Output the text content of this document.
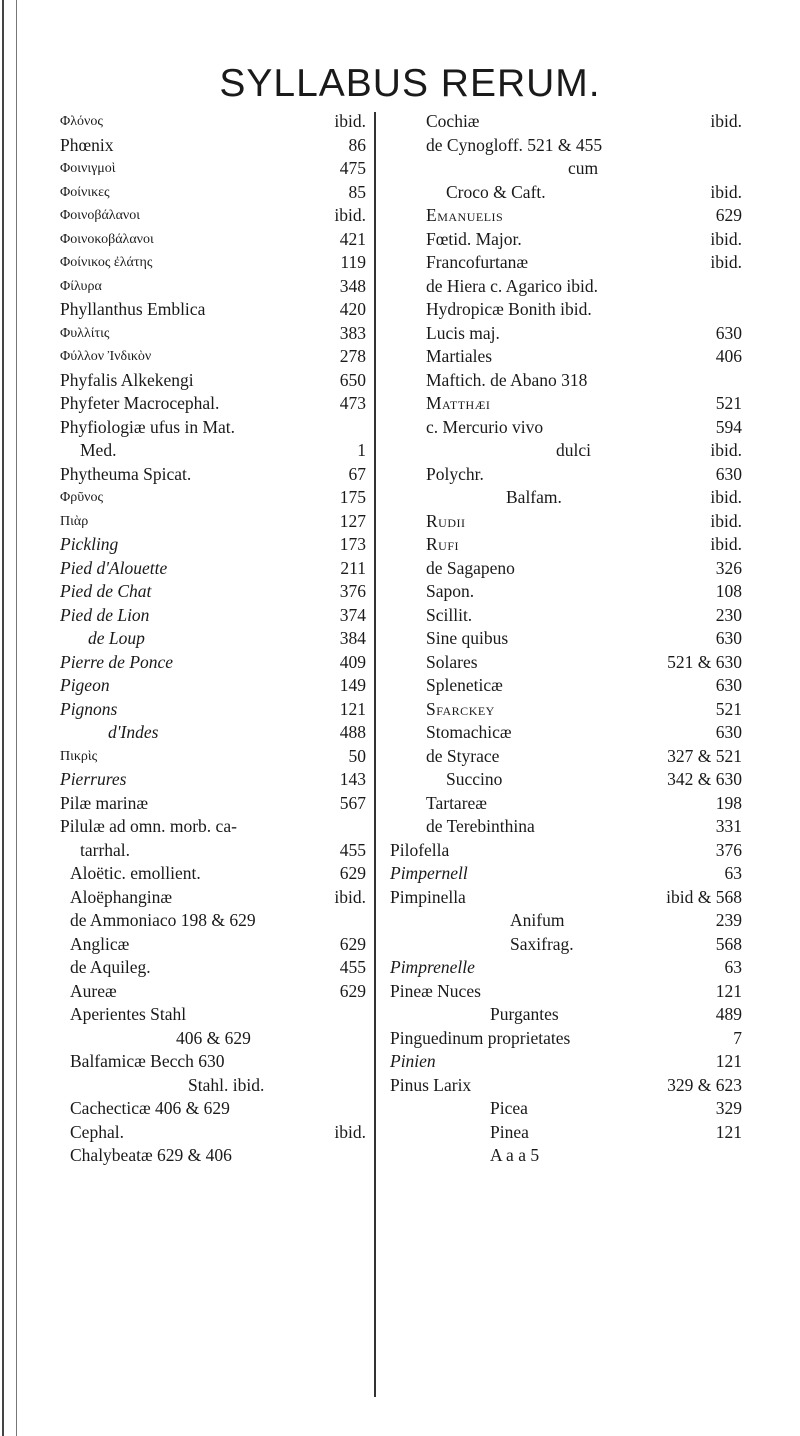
SYLLABUS RERUM.
Φλόνος	ibid.
Phœnix	86
Φοινιγμοὶ	475
Φοίνικες	85
Φοινοβάλανοι	ibid.
Φοινοκοβάλανοι	421
Φοίνικος ἐλάτης	119
Φίλυρα	348
Phyllanthus Emblica	420
Φυλλίτις	383
Φύλλον Ἰνδικὸν	278
Phyfalis Alkekengi	650
Phyfeter Macrocephal.	473
Phyfiologiæ ufus in Mat.
Med.	1
Phytheuma Spicat.	67
Φρῦνος	175
Πιὰρ	127
Pickling	173
Pied d'Alouette	211
Pied de Chat	376
Pied de Lion	374
de Loup	384
Pierre de Ponce	409
Pigeon	149
Pignons	121
d'Indes	488
Πικρὶς	50
Pierrures	143
Pilæ marinæ	567
Pilulæ ad omn. morb. ca-
tarrhal.	455
Aloëtic. emollient.	629
Aloëphanginæ	ibid.
de Ammoniaco 198 & 629
Anglicæ	629
de Aquileg.	455
Aureæ	629
Aperientes Stahl
406 & 629
Balfamicæ Becch 630
Stahl. ibid.
Cachecticæ 406 & 629
Cephal.	ibid.
Chalybeatæ 629 & 406
Cochiæ	ibid.
de Cynogloff. 521 & 455
cum
Croco & Caft.	ibid.
Emanuelis	629
Fœtid. Major.	ibid.
Francofurtanæ	ibid.
de Hiera c. Agarico ibid.
Hydropicæ Bonith ibid.
Lucis maj.	630
Martiales	406
Maftich. de Abano 318
Matthæi	521
c. Mercurio vivo	594
dulci	ibid.
Polychr.	630
Balfam.	ibid.
Rudii	ibid.
Rufi	ibid.
de Sagapeno	326
Sapon.	108
Scillit.	230
Sine quibus	630
Solares	521 & 630
Spleneticæ	630
Sfarckey	521
Stomachicæ	630
de Styrace	327 & 521
Succino	342 & 630
Tartareæ	198
de Terebinthina	331
Pilofella	376
Pimpernell	63
Pimpinella	ibid & 568
Anifum	239
Saxifrag.	568
Pimprenelle	63
Pineæ Nuces	121
Purgantes	489
Pinguedinum proprietates	7
Pinien	121
Pinus Larix	329 & 623
Picea	329
Pinea	121
A a a 5
